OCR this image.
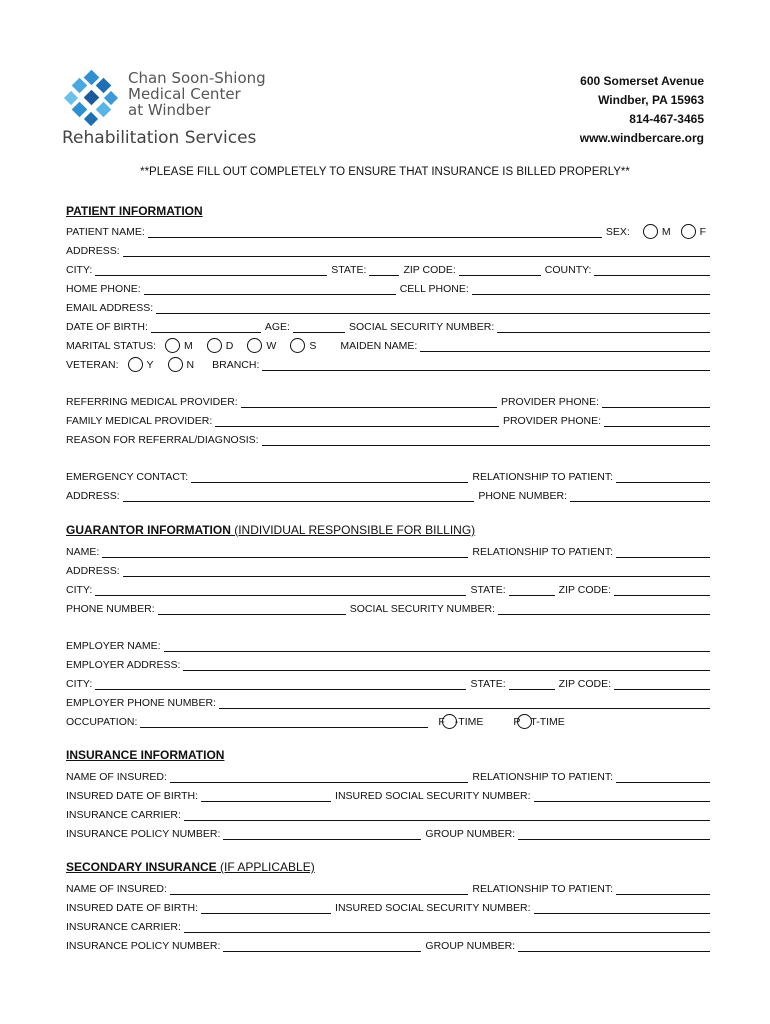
Chan Soon-Shiong
Medical Center
at Windber
Rehabilitation Services
600 Somerset Avenue
Windber, PA 15963
814-467-3465
www.windbercare.org
**PLEASE FILL OUT COMPLETELY TO ENSURE THAT INSURANCE IS BILLED PROPERLY**
PATIENT INFORMATION
PATIENT NAME:	SEX:	M	F
ADDRESS:
CITY:	STATE:	ZIP CODE:	COUNTY:
HOME PHONE:	CELL PHONE:
EMAIL ADDRESS:
DATE OF BIRTH:	AGE:	SOCIAL SECURITY NUMBER:
MARITAL STATUS:	M	D	W	S	MAIDEN NAME:
VETERAN:	Y	N	BRANCH:
REFERRING MEDICAL PROVIDER:	PROVIDER PHONE:
FAMILY MEDICAL PROVIDER:	PROVIDER PHONE:
REASON FOR REFERRAL/DIAGNOSIS:
EMERGENCY CONTACT:	RELATIONSHIP TO PATIENT:
ADDRESS:	PHONE NUMBER:
GUARANTOR INFORMATION (INDIVIDUAL RESPONSIBLE FOR BILLING)
NAME:	RELATIONSHIP TO PATIENT:
ADDRESS:
CITY:	STATE:	ZIP CODE:
PHONE NUMBER:	SOCIAL SECURITY NUMBER:
EMPLOYER NAME:
EMPLOYER ADDRESS:
CITY:	STATE:	ZIP CODE:
EMPLOYER PHONE NUMBER:
OCCUPATION:	F -TIME	P T-TIME
INSURANCE INFORMATION
NAME OF INSURED:	RELATIONSHIP TO PATIENT:
INSURED DATE OF BIRTH:	INSURED SOCIAL SECURITY NUMBER:
INSURANCE CARRIER:
INSURANCE POLICY NUMBER:	GROUP NUMBER:
SECONDARY INSURANCE (IF APPLICABLE)
NAME OF INSURED:	RELATIONSHIP TO PATIENT:
INSURED DATE OF BIRTH:	INSURED SOCIAL SECURITY NUMBER:
INSURANCE CARRIER:
INSURANCE POLICY NUMBER:	GROUP NUMBER:
